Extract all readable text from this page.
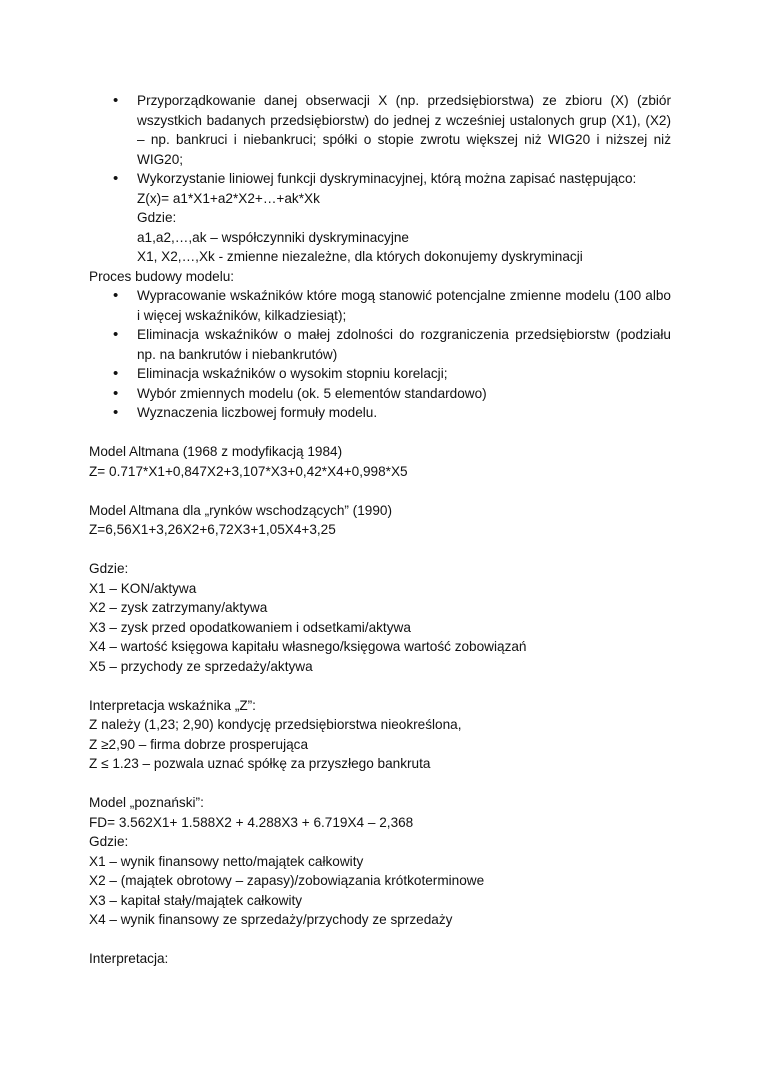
• Przyporządkowanie danej obserwacji X (np. przedsiębiorstwa) ze zbioru (X) (zbiór wszystkich badanych przedsiębiorstw) do jednej z wcześniej ustalonych grup (X1), (X2) – np. bankruci i niebankruci; spółki o stopie zwrotu większej niż WIG20 i niższej niż WIG20;
• Wykorzystanie liniowej funkcji dyskryminacyjnej, którą można zapisać następująco:

Z(x)= a1*X1+a2*X2+…+ak*Xk

Gdzie:

a1,a2,…,ak – współczynniki dyskryminacyjne

X1, X2,…,Xk - zmienne niezależne, dla których dokonujemy dyskryminacji

Proces budowy modelu:

• Wypracowanie wskaźników które mogą stanowić potencjalne zmienne modelu (100 albo i więcej wskaźników, kilkadziesiąt);
• Eliminacja wskaźników o małej zdolności do rozgraniczenia przedsiębiorstw (podziału np. na bankrutów i niebankrutów)
• Eliminacja wskaźników o wysokim stopniu korelacji;
• Wybór zmiennych modelu (ok. 5 elementów standardowo)
• Wyznaczenia liczbowej formuły modelu.

Model Altmana (1968 z modyfikacją 1984)

Z= 0.717*X1+0,847X2+3,107*X3+0,42*X4+0,998*X5

Model Altmana dla „rynków wschodzących” (1990)

Z=6,56X1+3,26X2+6,72X3+1,05X4+3,25

Gdzie:

X1 – KON/aktywa

X2 – zysk zatrzymany/aktywa

X3 – zysk przed opodatkowaniem i odsetkami/aktywa

X4 – wartość księgowa kapitału własnego/księgowa wartość zobowiązań

X5 – przychody ze sprzedaży/aktywa

Interpretacja wskaźnika „Z”:

Z należy (1,23; 2,90) kondycję przedsiębiorstwa nieokreślona,

Z ≥2,90 – firma dobrze prosperująca

Z ≤ 1.23 – pozwala uznać spółkę za przyszłego bankruta

Model „poznański”:

FD= 3.562X1+ 1.588X2 + 4.288X3 + 6.719X4 – 2,368

Gdzie:

X1 – wynik finansowy netto/majątek całkowity

X2 – (majątek obrotowy – zapasy)/zobowiązania krótkoterminowe

X3 – kapitał stały/majątek całkowity

X4 – wynik finansowy ze sprzedaży/przychody ze sprzedaży

Interpretacja:
